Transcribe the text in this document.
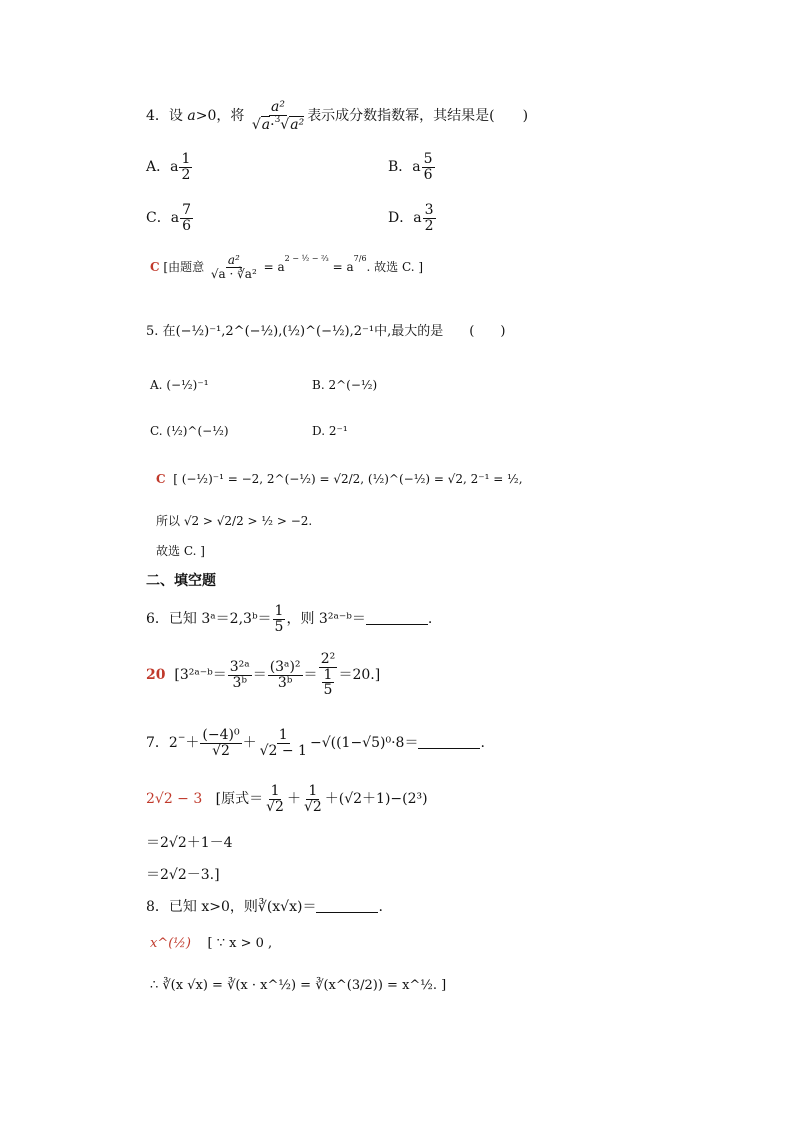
4．设 a>0，将 $\frac{\text{a²}}{√a\cdot^3√a^2}$ 表示成分数指数幂，其结果是(　　)
A．a $\frac{1}{2}$	B．a $\frac{5}{6}$
C．a $\frac{7}{6}$	D．a $\frac{3}{2}$
C [由题意 $\frac{\text{a²}}{\text{√a · ∛a²}} = a^{2 - \frac{1}{2} - \frac{2}{3}} = a^{7/6}$. 故选 C. ]
5. 在(−½)⁻¹,2^(−½),(½)^(−½),2⁻¹中,最大的是　　(　　)
A. (−½)⁻¹	B. 2^(−½)
C. (½)^(−½)	D. 2⁻¹
C [ (−½)⁻¹ = −2, 2^(−½) = √2/2, (½)^(−½) = √2, 2⁻¹ = ½,
所以 √2 > √2/2 > ½ > −2.
故选 C. ]
二、填空题
6．已知 3ᵃ＝2,3ᵇ＝ $\frac{1}{5}$ ，则 3²ᵃ⁻ᵇ＝	.
20 [3²ᵃ⁻ᵇ＝ $\frac{\text{3²ᵃ}}{\text{3ᵇ}} = \frac{\text{(3ᵃ)²}}{\text{3ᵇ}} = \frac{\text{2²}}{\frac{1}{5}} =20$.]
7．$2^-+ \frac{\text{(−4)⁰}}{√2} + \frac{1}{√2 - 1} -√((1-√5)^0\cdot 8=$	.
2√2 − 3 [原式＝ $\frac{1}{√2} + \frac{1}{√2} +(√2+1)-(2^3)$
＝2√2＋1－4
＝2√2－3.]
8．已知 x>0，则∛(x√x)＝	.
x^(½) [ ∵ x > 0 ,
∴ ∛(x √x) = ∛(x · x^½) = ∛(x^(3/2)) = x^½. ]
